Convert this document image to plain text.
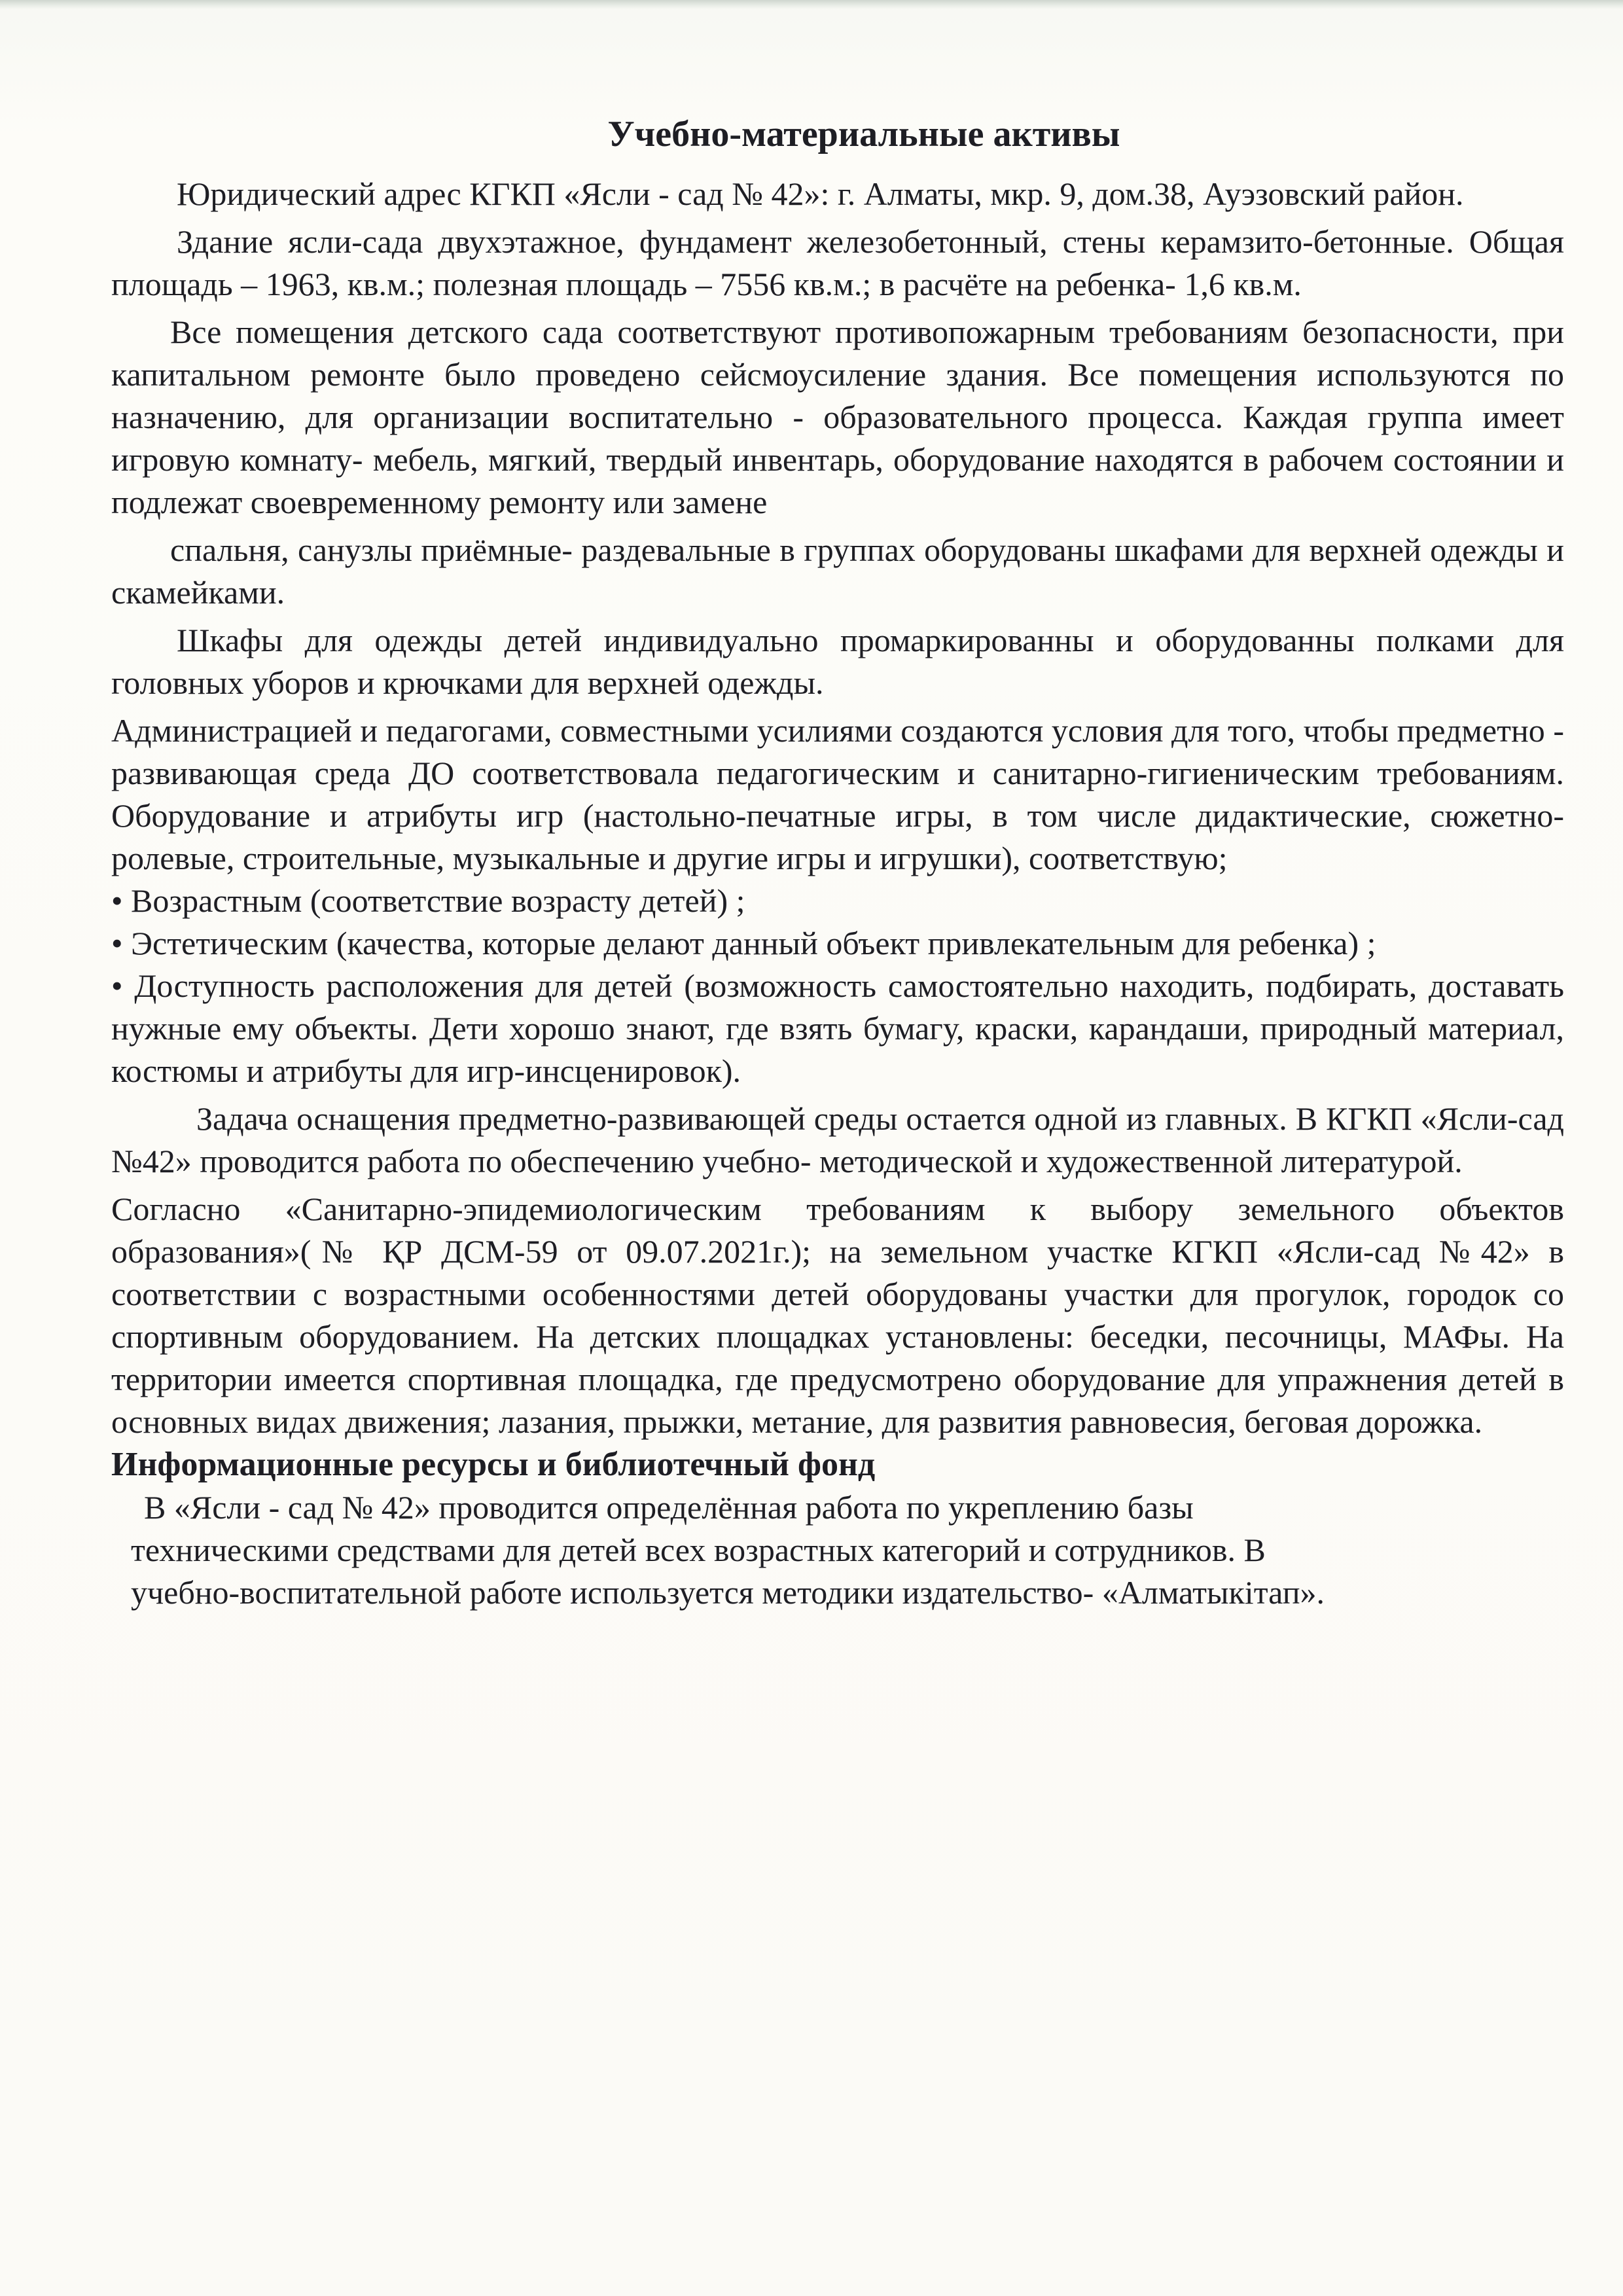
Учебно-материальные активы

Юридический адрес КГКП «Ясли - сад № 42»: г. Алматы, мкр. 9, дом.38, Ауэзовский район.

Здание ясли-сада двухэтажное, фундамент железобетонный, стены керамзито-бетонные. Общая площадь – 1963, кв.м.; полезная площадь – 7556 кв.м.; в расчёте на ребенка- 1,6 кв.м.

Все помещения детского сада соответствуют противопожарным требованиям безопасности, при капитальном ремонте было проведено сейсмоусиление здания. Все помещения используются по назначению, для организации воспитательно - образовательного процесса. Каждая группа имеет игровую комнату- мебель, мягкий, твердый инвентарь, оборудование находятся в рабочем состоянии и подлежат своевременному ремонту или замене

спальня, санузлы приёмные- раздевальные в группах оборудованы шкафами для верхней одежды и скамейками.

Шкафы для одежды детей индивидуально промаркированны и оборудованны полками для головных уборов и крючками для верхней одежды.

Администрацией и педагогами, совместными усилиями создаются условия для того, чтобы предметно - развивающая среда ДО соответствовала педагогическим и санитарно-гигиеническим требованиям. Оборудование и атрибуты игр (настольно-печатные игры, в том числе дидактические, сюжетно-ролевые, строительные, музыкальные и другие игры и игрушки), соответствую;

• Возрастным (соответствие возрасту детей) ;

• Эстетическим (качества, которые делают данный объект привлекательным для ребенка) ;

• Доступность расположения для детей (возможность самостоятельно находить, подбирать, доставать нужные ему объекты. Дети хорошо знают, где взять бумагу, краски, карандаши, природный материал, костюмы и атрибуты для игр-инсценировок).

Задача оснащения предметно-развивающей среды остается одной из главных. В КГКП «Ясли-сад №42» проводится работа по обеспечению учебно- методической и художественной литературой.

Согласно «Санитарно-эпидемиологическим требованиям к выбору земельного объектов образования»(№ ҚР ДСМ-59 от 09.07.2021г.); на земельном участке КГКП «Ясли-сад №42» в соответствии с возрастными особенностями детей оборудованы участки для прогулок, городок со спортивным оборудованием. На детских площадках установлены: беседки, песочницы, МАФы. На территории имеется спортивная площадка, где предусмотрено оборудование для упражнения детей в основных видах движения; лазания, прыжки, метание, для развития равновесия, беговая дорожка.

Информационные ресурсы и библиотечный фонд

В «Ясли - сад № 42» проводится определённая работа по укреплению базы

техническими средствами для детей всех возрастных категорий и сотрудников. В

учебно-воспитательной работе используется методики издательство- «Алматыкітап».
